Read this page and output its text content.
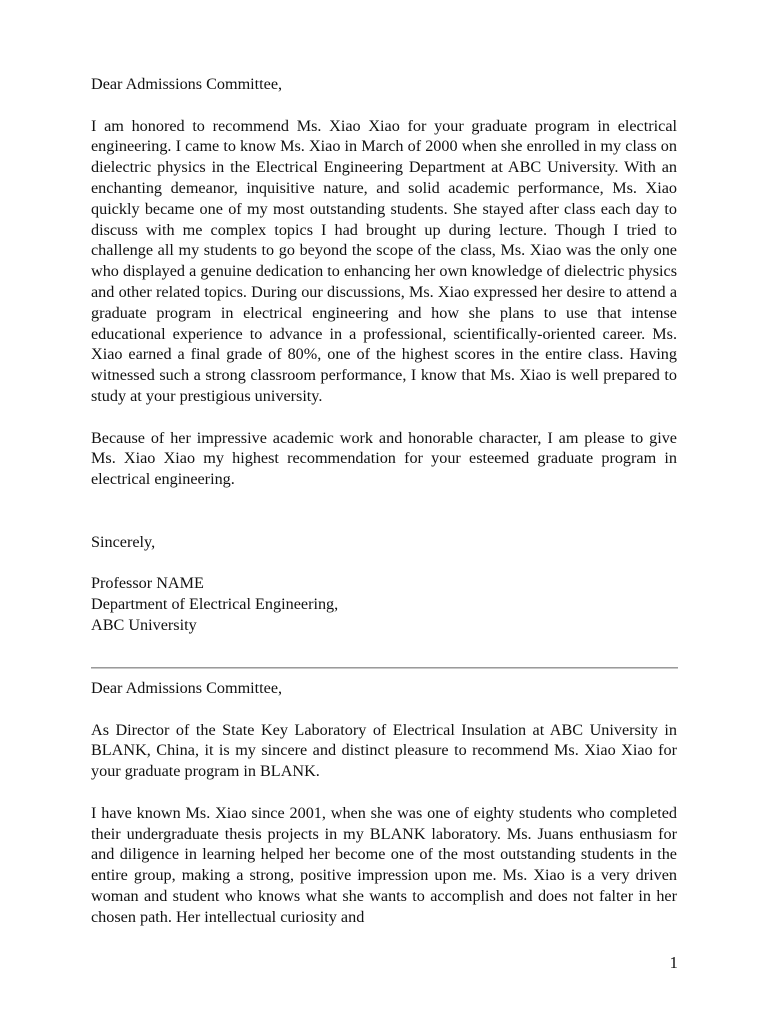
Dear Admissions Committee,

I am honored to recommend Ms. Xiao Xiao for your graduate program in electrical engineering. I came to know Ms. Xiao in March of 2000 when she enrolled in my class on dielectric physics in the Electrical Engineering Department at ABC University. With an enchanting demeanor, inquisitive nature, and solid academic performance, Ms. Xiao quickly became one of my most outstanding students. She stayed after class each day to discuss with me complex topics I had brought up during lecture. Though I tried to challenge all my students to go beyond the scope of the class, Ms. Xiao was the only one who displayed a genuine dedication to enhancing her own knowledge of dielectric physics and other related topics. During our discussions, Ms. Xiao expressed her desire to attend a graduate program in electrical engineering and how she plans to use that intense educational experience to advance in a professional, scientifically-oriented career. Ms. Xiao earned a final grade of 80%, one of the highest scores in the entire class. Having witnessed such a strong classroom performance, I know that Ms. Xiao is well prepared to study at your prestigious university.

Because of her impressive academic work and honorable character, I am please to give Ms. Xiao Xiao my highest recommendation for your esteemed graduate program in electrical engineering.

Sincerely,

Professor NAME

Department of Electrical Engineering,

ABC University

Dear Admissions Committee,

As Director of the State Key Laboratory of Electrical Insulation at ABC University in BLANK, China, it is my sincere and distinct pleasure to recommend Ms. Xiao Xiao for your graduate program in BLANK.

I have known Ms. Xiao since 2001, when she was one of eighty students who completed their undergraduate thesis projects in my BLANK laboratory. Ms. Juans enthusiasm for and diligence in learning helped her become one of the most outstanding students in the entire group, making a strong, positive impression upon me. Ms. Xiao is a very driven woman and student who knows what she wants to accomplish and does not falter in her chosen path. Her intellectual curiosity and

1
